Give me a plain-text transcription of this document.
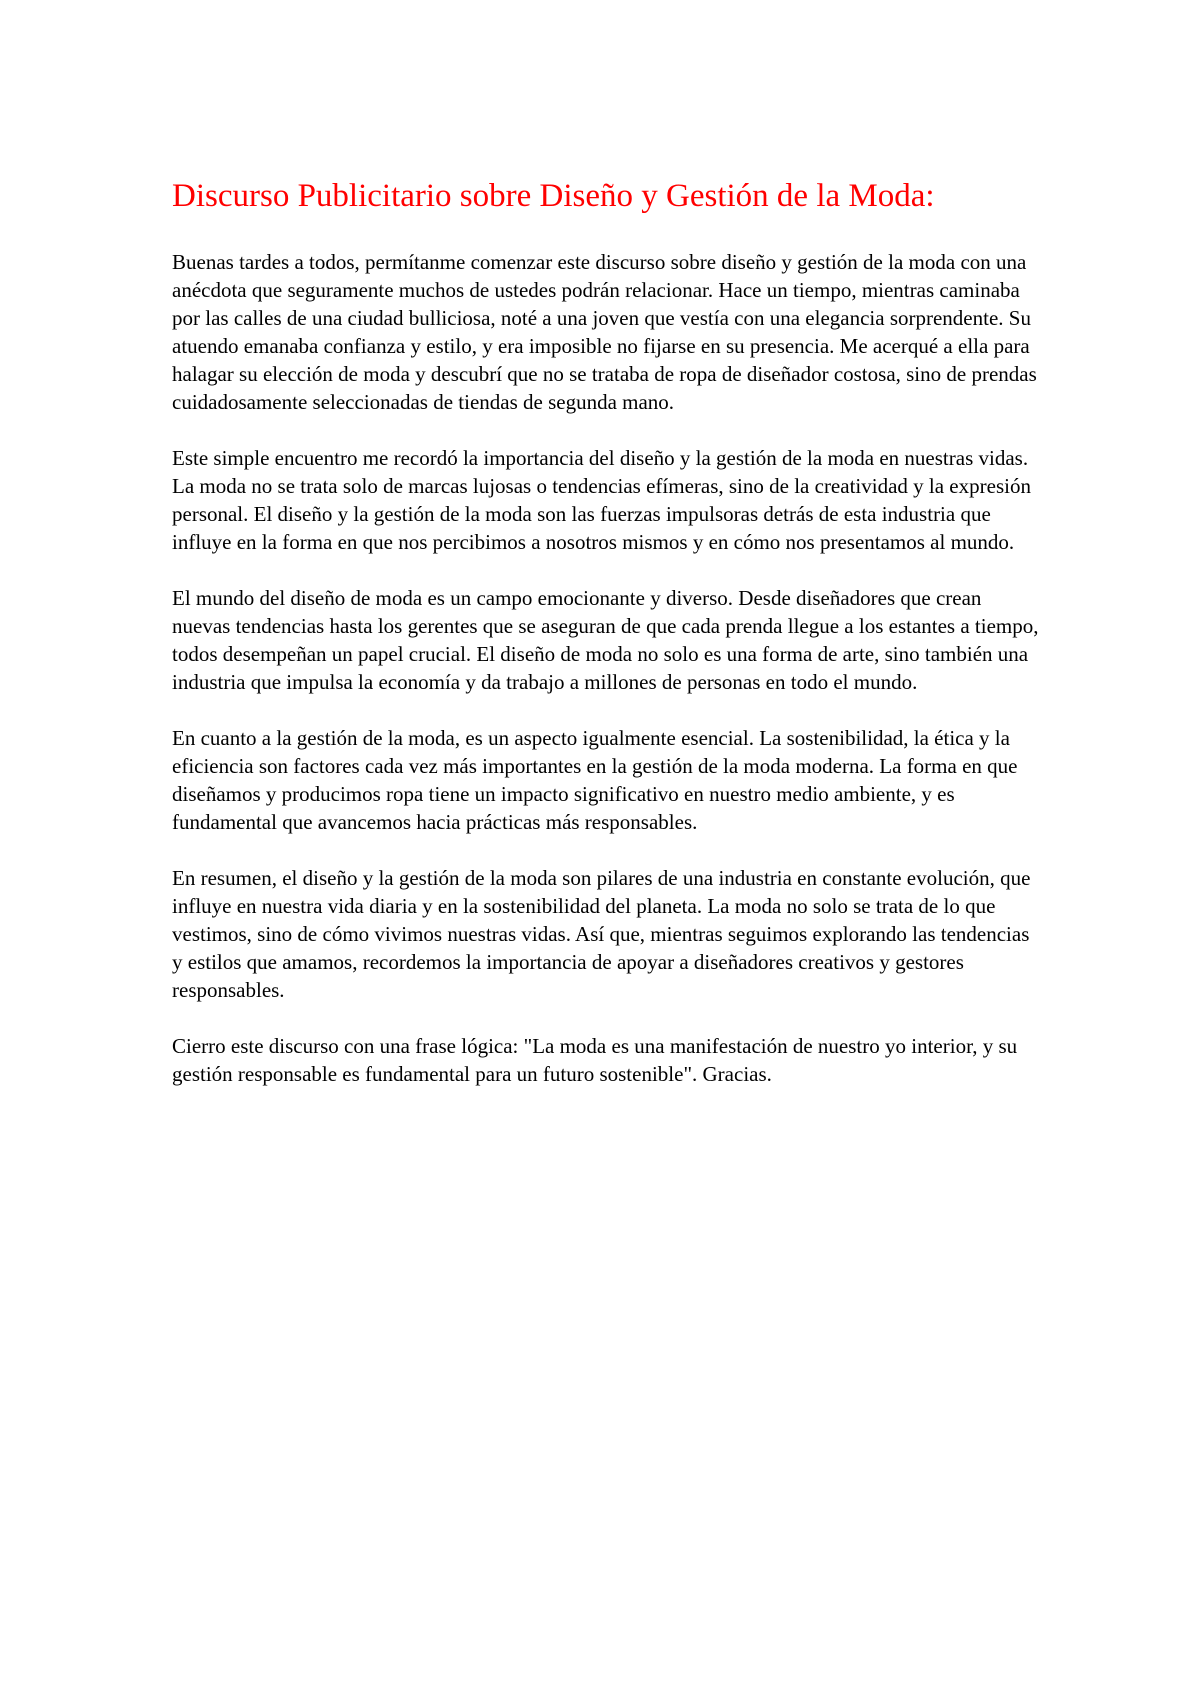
Discurso Publicitario sobre Diseño y Gestión de la Moda:

Buenas tardes a todos, permítanme comenzar este discurso sobre diseño y gestión de la moda con una anécdota que seguramente muchos de ustedes podrán relacionar. Hace un tiempo, mientras caminaba por las calles de una ciudad bulliciosa, noté a una joven que vestía con una elegancia sorprendente. Su atuendo emanaba confianza y estilo, y era imposible no fijarse en su presencia. Me acerqué a ella para halagar su elección de moda y descubrí que no se trataba de ropa de diseñador costosa, sino de prendas cuidadosamente seleccionadas de tiendas de segunda mano.

Este simple encuentro me recordó la importancia del diseño y la gestión de la moda en nuestras vidas. La moda no se trata solo de marcas lujosas o tendencias efímeras, sino de la creatividad y la expresión personal. El diseño y la gestión de la moda son las fuerzas impulsoras detrás de esta industria que influye en la forma en que nos percibimos a nosotros mismos y en cómo nos presentamos al mundo.

El mundo del diseño de moda es un campo emocionante y diverso. Desde diseñadores que crean nuevas tendencias hasta los gerentes que se aseguran de que cada prenda llegue a los estantes a tiempo, todos desempeñan un papel crucial. El diseño de moda no solo es una forma de arte, sino también una industria que impulsa la economía y da trabajo a millones de personas en todo el mundo.

En cuanto a la gestión de la moda, es un aspecto igualmente esencial. La sostenibilidad, la ética y la eficiencia son factores cada vez más importantes en la gestión de la moda moderna. La forma en que diseñamos y producimos ropa tiene un impacto significativo en nuestro medio ambiente, y es fundamental que avancemos hacia prácticas más responsables.

En resumen, el diseño y la gestión de la moda son pilares de una industria en constante evolución, que influye en nuestra vida diaria y en la sostenibilidad del planeta. La moda no solo se trata de lo que vestimos, sino de cómo vivimos nuestras vidas. Así que, mientras seguimos explorando las tendencias y estilos que amamos, recordemos la importancia de apoyar a diseñadores creativos y gestores responsables.

Cierro este discurso con una frase lógica: "La moda es una manifestación de nuestro yo interior, y su gestión responsable es fundamental para un futuro sostenible". Gracias.
